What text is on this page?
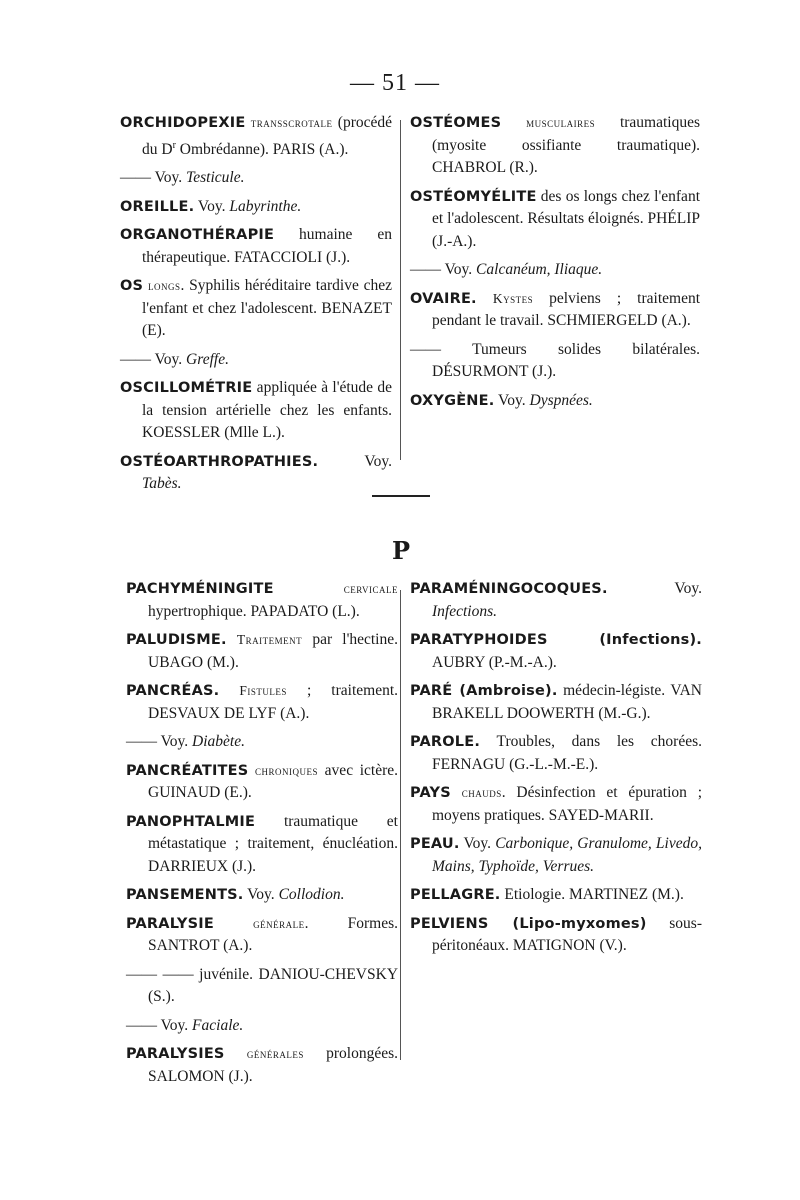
— 51 —
ORCHIDOPEXIE transscrotale (procédé du $D^r$ Ombrédanne). PARIS (A.).
—— Voy. Testicule.
OREILLE. Voy. Labyrinthe.
ORGANOTHÉRAPIE humaine en thérapeutique. FATACCIOLI (J.).
OS longs. Syphilis héréditaire tardive chez l'enfant et chez l'adolescent. BENAZET (E).
—— Voy. Greffe.
OSCILLOMÉTRIE appliquée à l'étude de la tension artérielle chez les enfants. KOESSLER (Mlle L.).
OSTÉOARTHROPATHIES. Voy. Tabès.
OSTÉOMES musculaires traumatiques (myosite ossifiante traumatique). CHABROL (R.).
OSTÉOMYÉLITE des os longs chez l'enfant et l'adolescent. Résultats éloignés. PHÉLIP (J.-A.).
—— Voy. Calcanéum, Iliaque.
OVAIRE. Kystes pelviens ; traitement pendant le travail. SCHMIERGELD (A.).
—— Tumeurs solides bilatérales. DÉSURMONT (J.).
OXYGÈNE. Voy. Dyspnées.
P
PACHYMÉNINGITE	cervicale hypertrophique. PAPADATO (L.).
PALUDISME. Traitement par l'hectine. UBAGO (M.).
PANCRÉAS. Fistules ; traitement. DESVAUX DE LYF (A.).
—— Voy. Diabète.
PANCRÉATITES chroniques avec ictère. GUINAUD (E.).
PANOPHTALMIE traumatique et métastatique ; traitement, énucléation. DARRIEUX (J.).
PANSEMENTS. Voy. Collodion.
PARALYSIE	générale. Formes. SANTROT (A.).
—— —— juvénile. DANIOU-CHEVSKY (S.).
—— Voy. Faciale.
PARALYSIES générales prolongées. SALOMON (J.).
PARAMÉNINGOCOQUES. Voy. Infections.
PARATYPHOIDES (Infections). AUBRY (P.-M.-A.).
PARÉ (Ambroise). médecin-légiste. VAN BRAKELL DOOWERTH (M.-G.).
PAROLE. Troubles, dans les chorées. FERNAGU (G.-L.-M.-E.).
PAYS chauds. Désinfection et épuration ; moyens pratiques. SAYED-MARII.
PEAU. Voy. Carbonique, Granulome, Livedo, Mains, Typhoïde, Verrues.
PELLAGRE. Etiologie. MARTINEZ (M.).
PELVIENS (Lipo-myxomes) sous-péritonéaux. MATIGNON (V.).
